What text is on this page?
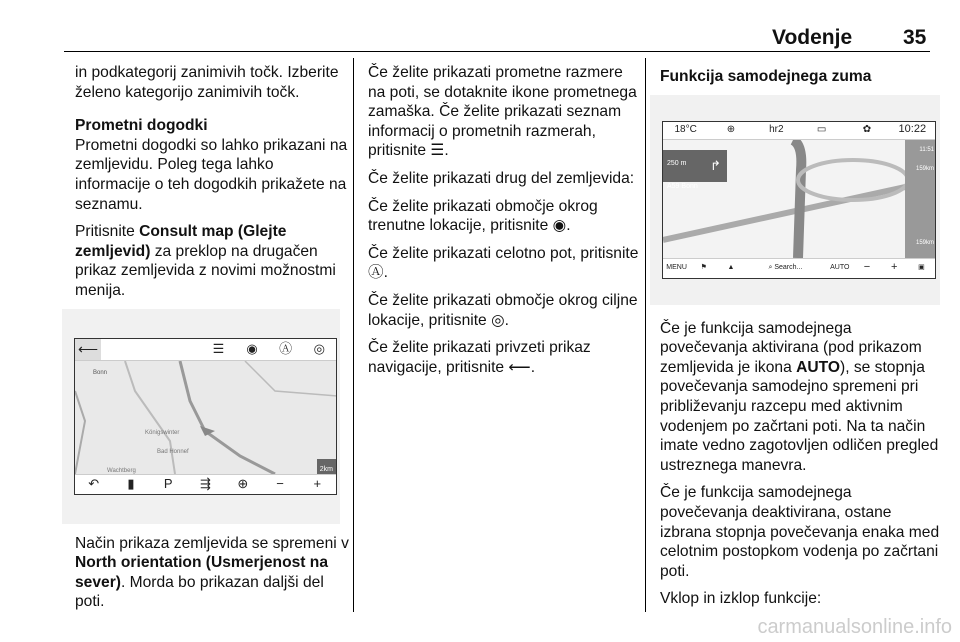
Vodenje 35

in podkategorij zanimivih točk. Izberite želeno kategorijo zanimivih točk.

Prometni dogodki

Prometni dogodki so lahko prikazani na zemljevidu. Poleg tega lahko informacije o teh dogodkih prikažete na seznamu.

Pritisnite Consult map (Glejte zemljevid) za preklop na drugačen prikaz zemljevida z novimi možnostmi menija.

⟵	☰	◉	Ⓐ	◎
Bonn
Königswinter
Bad Honnef
Wachtberg	2km
↶	▮	P	⇶	⊕	−	+

Način prikaza zemljevida se spremeni v North orientation (Usmerjenost na sever). Morda bo prikazan daljši del poti.

Če želite prikazati prometne razmere na poti, se dotaknite ikone prometnega zamaška. Če želite prikazati seznam informacij o prometnih razmerah, pritisnite ☰.

Če želite prikazati drug del zemljevida:

Če želite prikazati območje okrog trenutne lokacije, pritisnite ◉.

Če želite prikazati celotno pot, pritisnite Ⓐ.

Če želite prikazati območje okrog ciljne lokacije, pritisnite ◎.

Če želite prikazati privzeti prikaz navigacije, pritisnite ⟵.

Funkcija samodejnega zuma
18°C	⊕	hr2	▭	✿	10:22
250 m
A59 Bonn
↱
11:51
159km
159km
MENU	⚑	▲	⌕ Search...	AUTO	−	+	▣

Če je funkcija samodejnega povečevanja aktivirana (pod prikazom zemljevida je ikona AUTO), se stopnja povečevanja samodejno spremeni pri približevanju razcepu med aktivnim vodenjem po začrtani poti. Na ta način imate vedno zagotovljen odličen pregled ustreznega manevra.

Če je funkcija samodejnega povečevanja deaktivirana, ostane izbrana stopnja povečevanja enaka med celotnim postopkom vodenja po začrtani poti.

Vklop in izklop funkcije:

carmanualsonline.info
